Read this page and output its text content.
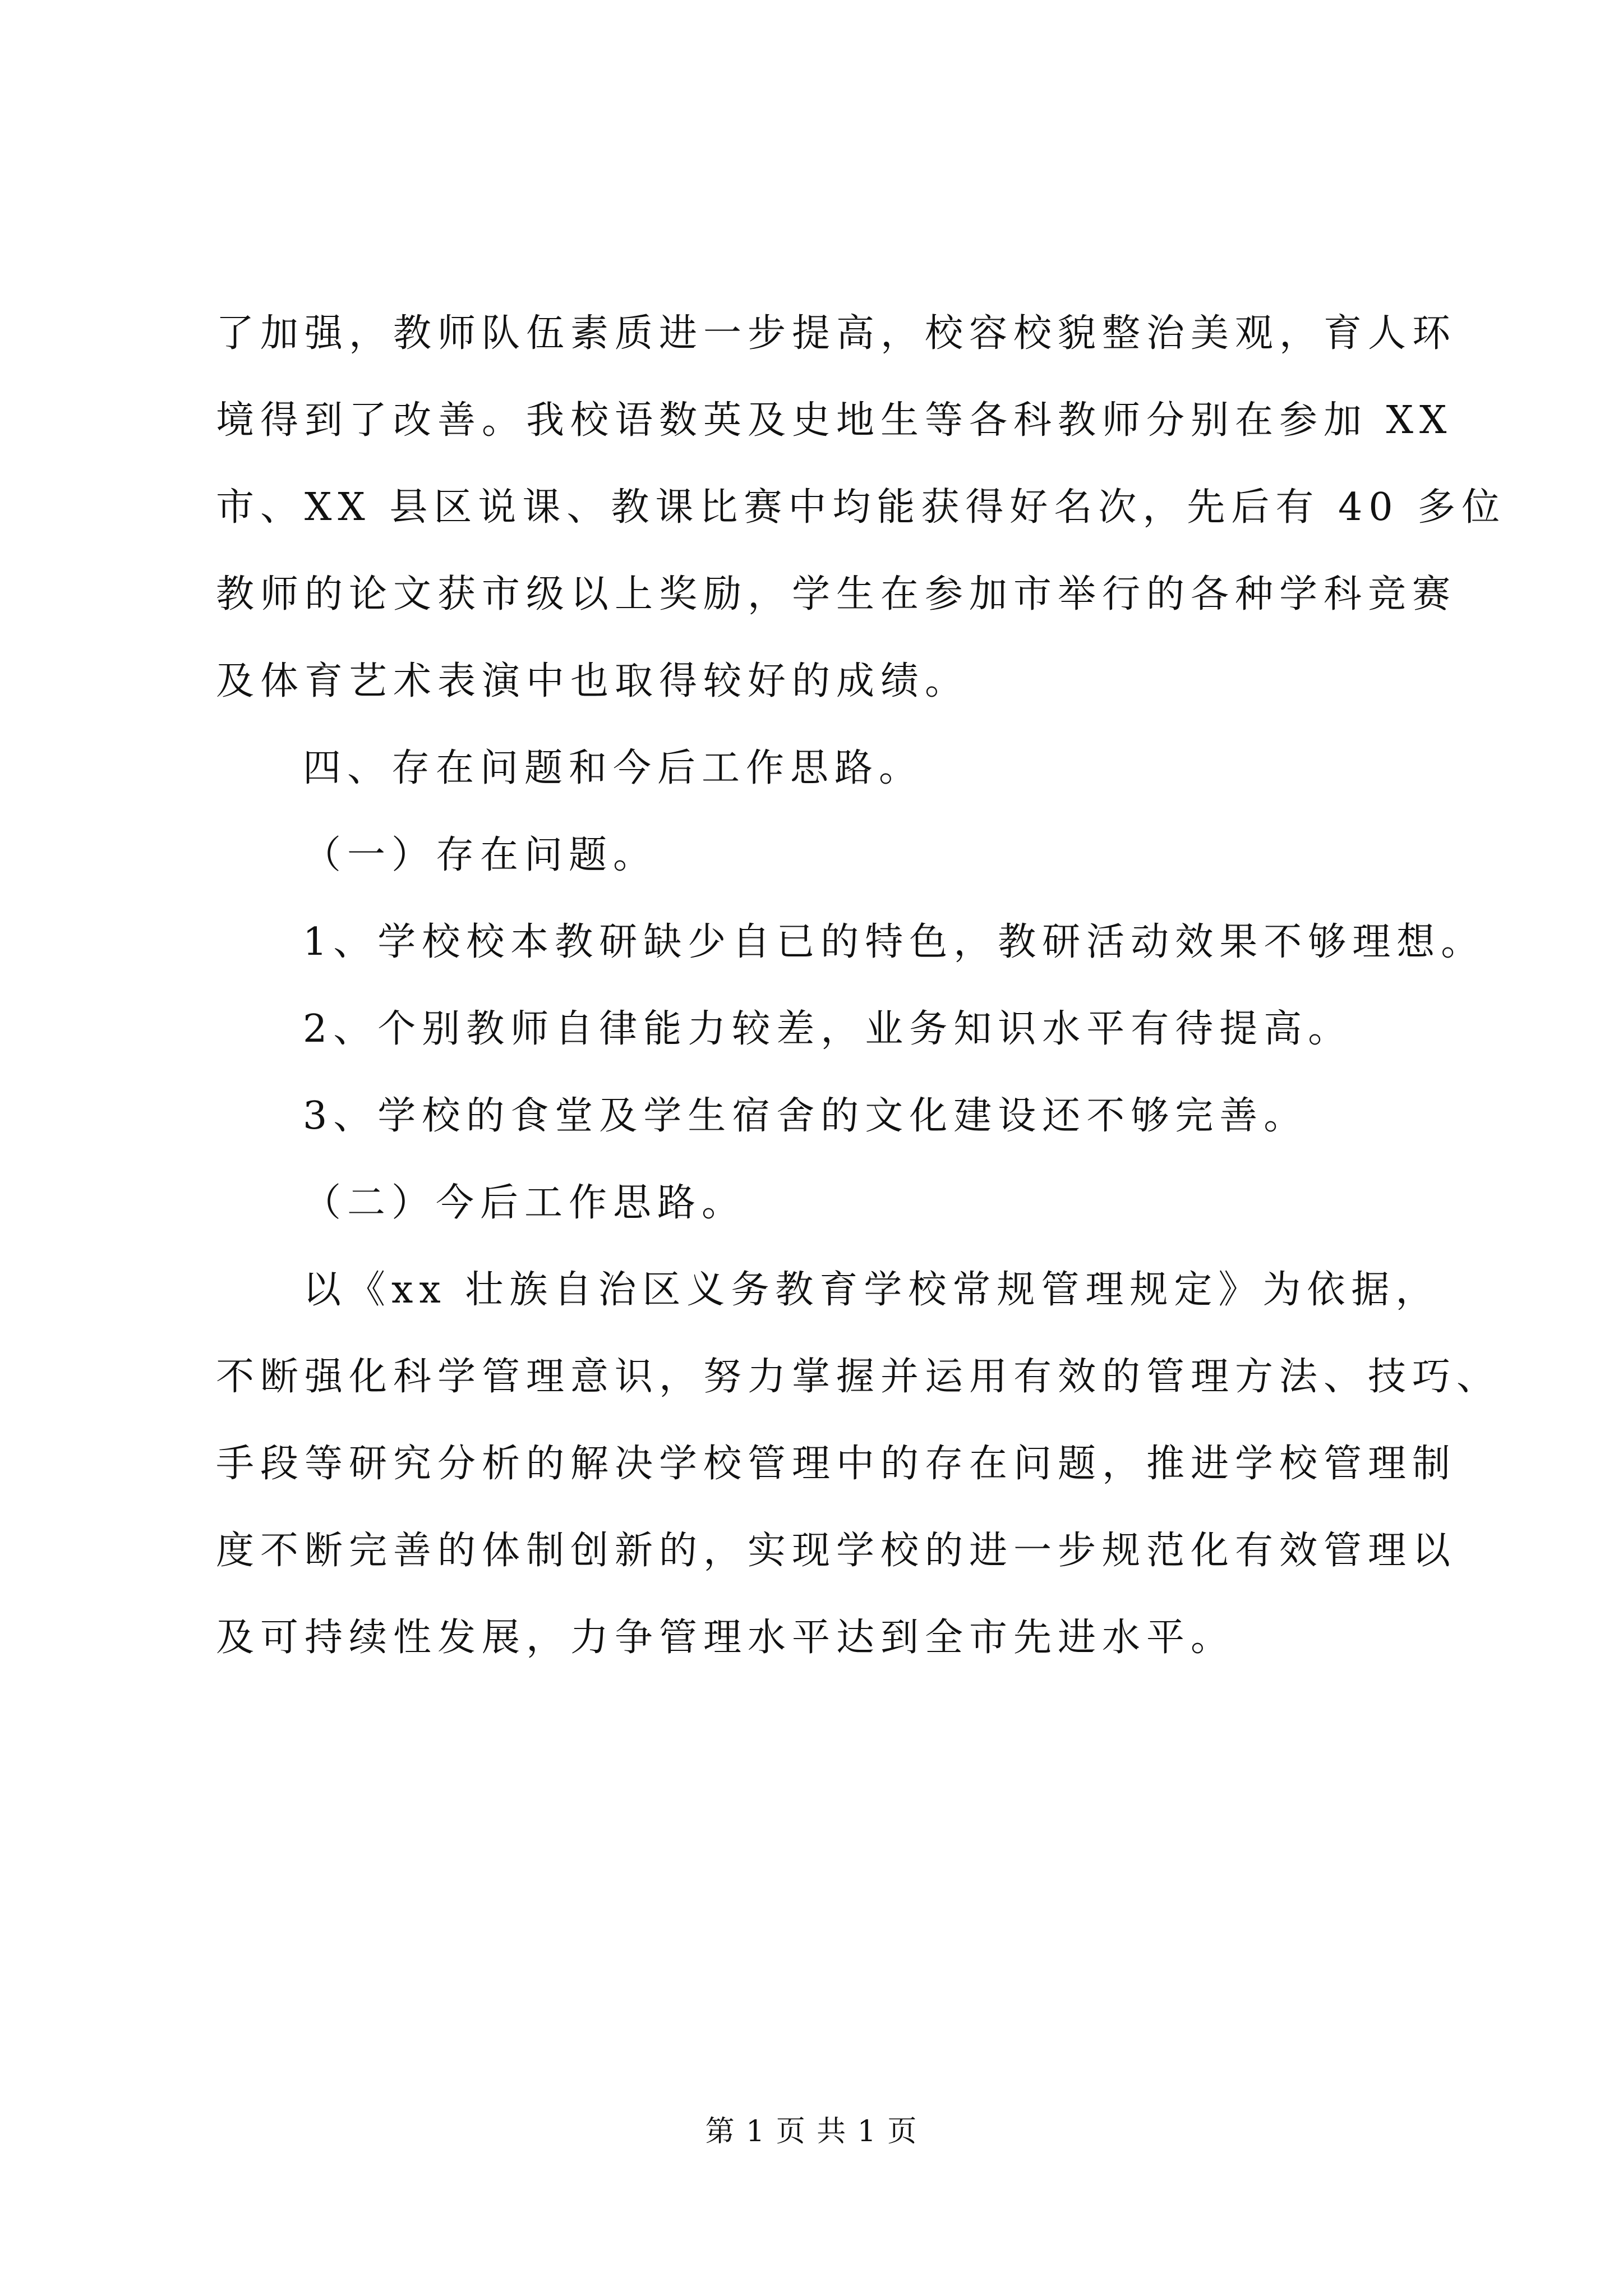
了加强，教师队伍素质进一步提高，校容校貌整治美观，育人环
境得到了改善。我校语数英及史地生等各科教师分别在参加 XX
市、XX 县区说课、教课比赛中均能获得好名次，先后有 40 多位
教师的论文获市级以上奖励，学生在参加市举行的各种学科竞赛
及体育艺术表演中也取得较好的成绩。
四、存在问题和今后工作思路。
（一）存在问题。
1、学校校本教研缺少自已的特色，教研活动效果不够理想。
2、个别教师自律能力较差，业务知识水平有待提高。
3、学校的食堂及学生宿舍的文化建设还不够完善。
（二）今后工作思路。
以《xx 壮族自治区义务教育学校常规管理规定》为依据，
不断强化科学管理意识，努力掌握并运用有效的管理方法、技巧、
手段等研究分析的解决学校管理中的存在问题，推进学校管理制
度不断完善的体制创新的，实现学校的进一步规范化有效管理以
及可持续性发展，力争管理水平达到全市先进水平。
第 1 页 共 1 页
